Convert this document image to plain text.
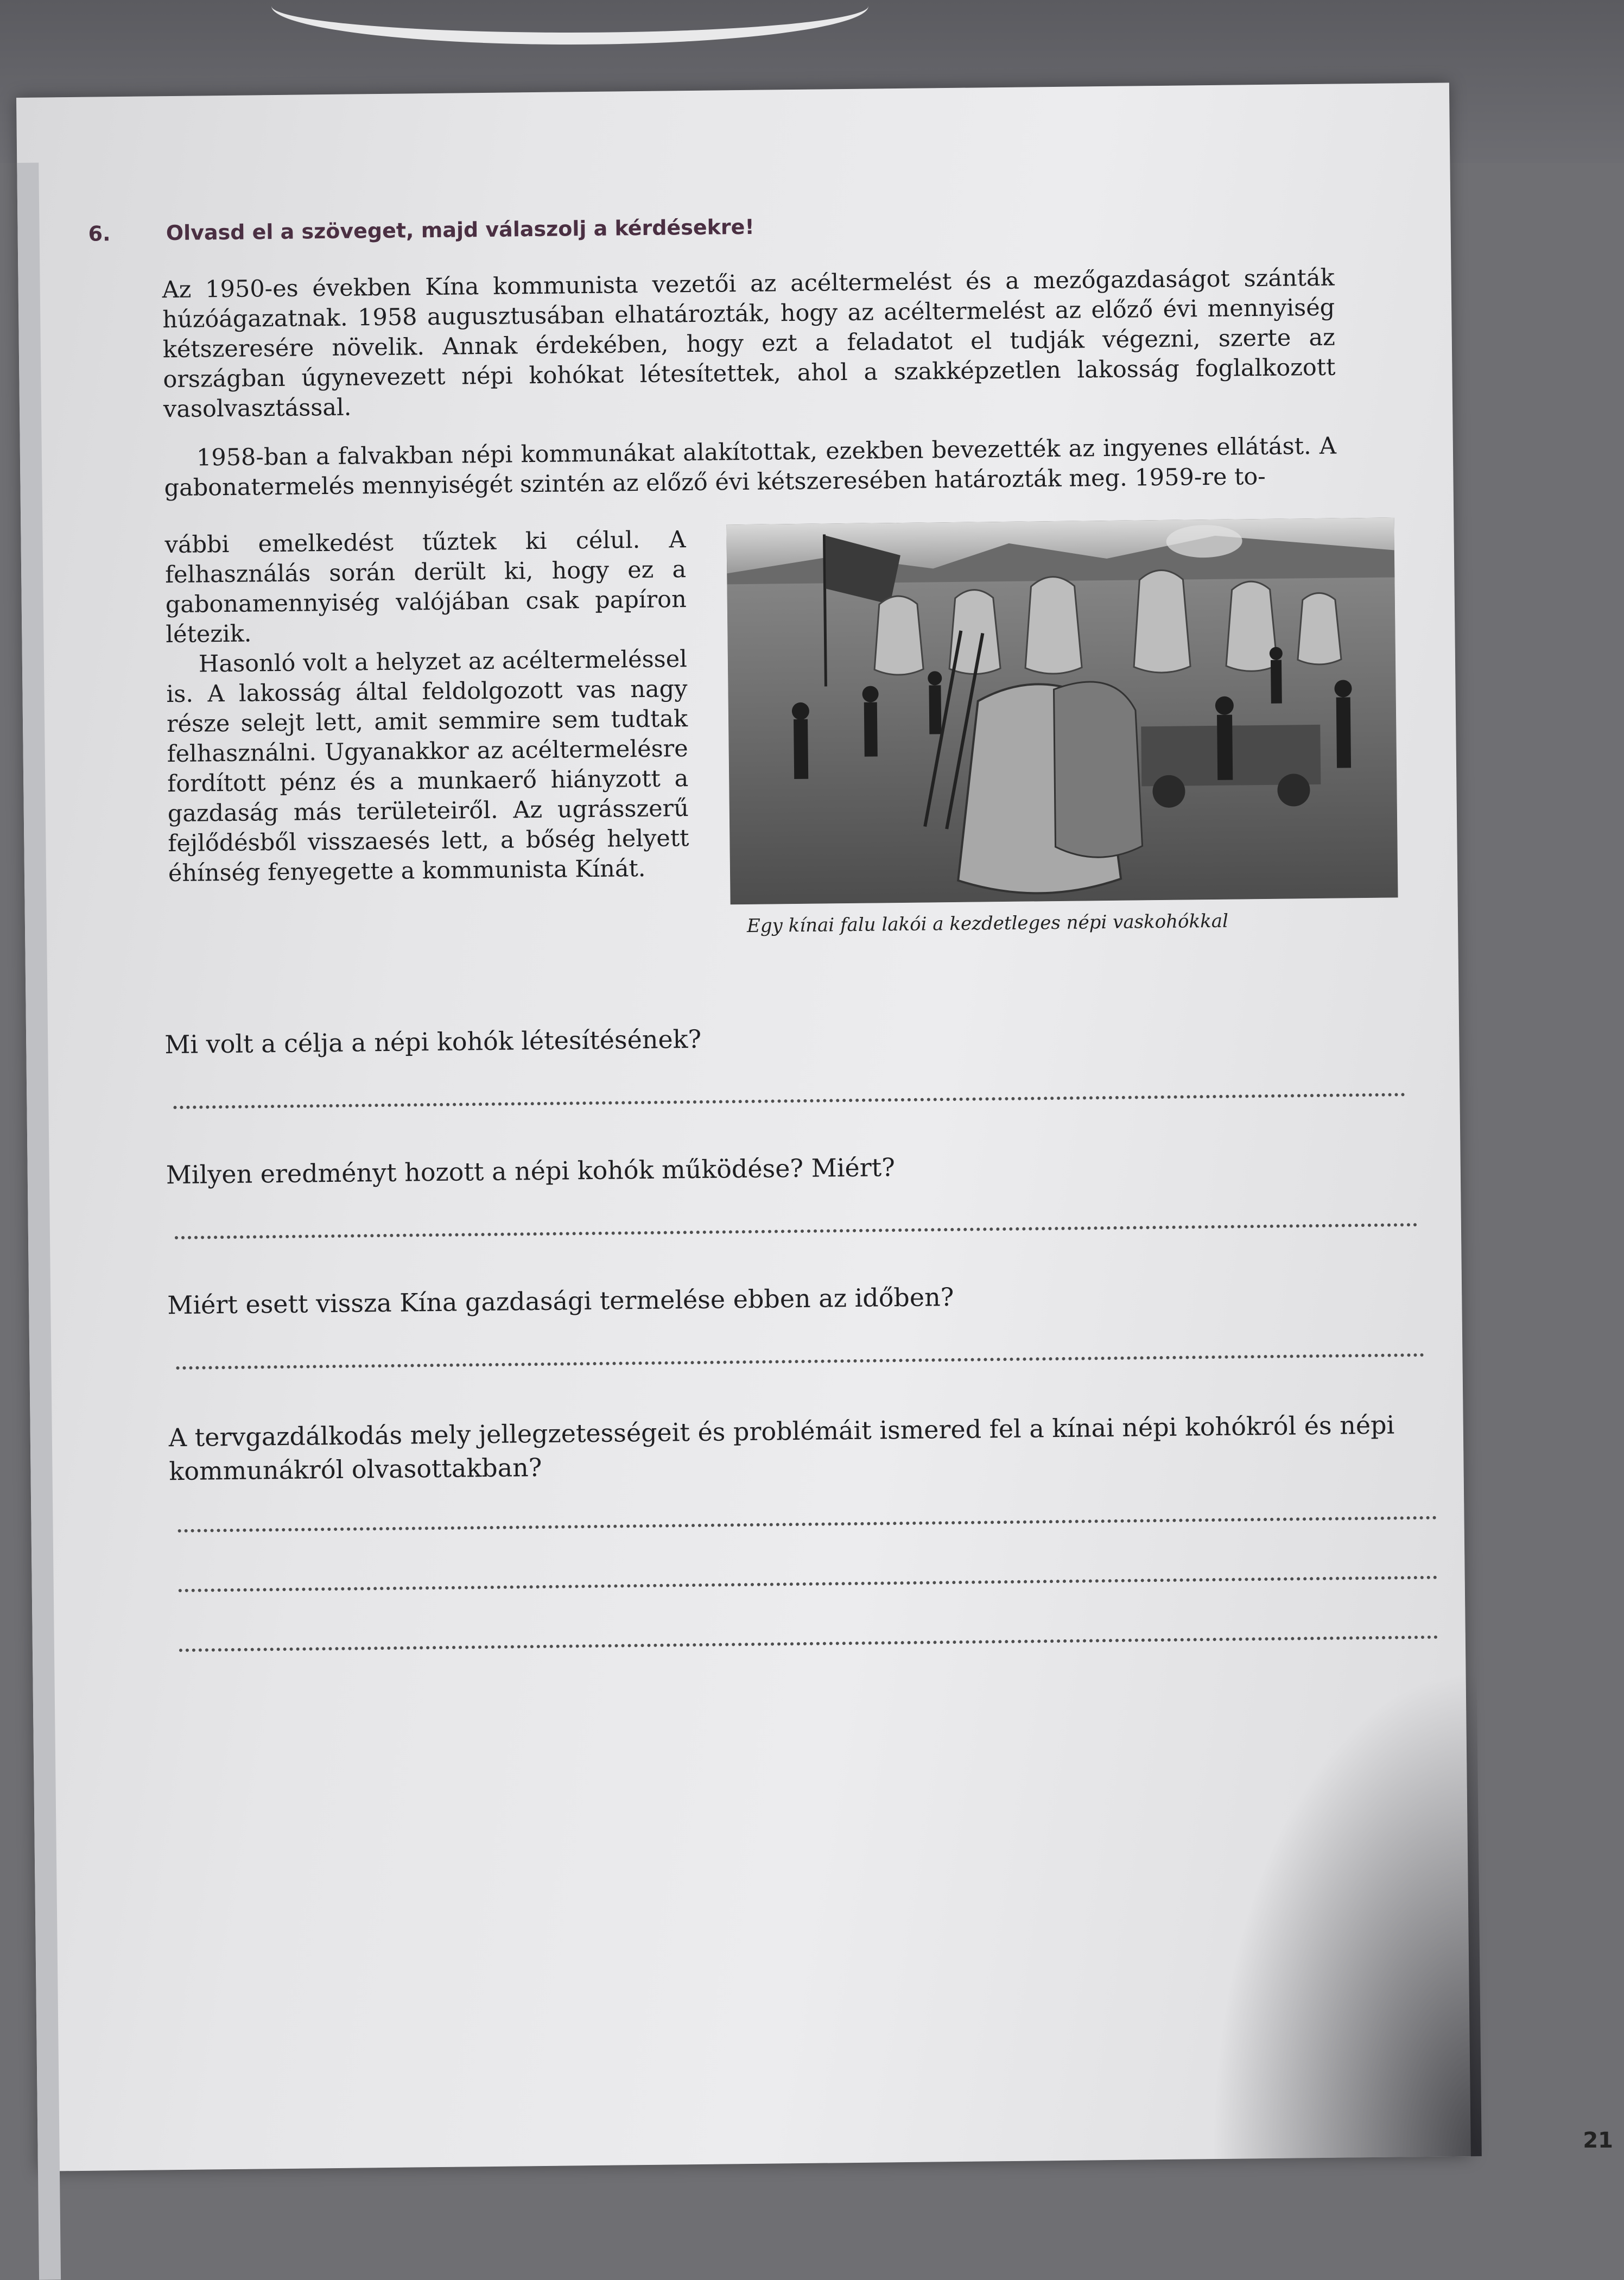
6.	Olvasd el a szöveget, majd válaszolj a kérdésekre!
Az 1950-es években Kína kommunista vezetői az acéltermelést és a mezőgazdaságot szánták húzóágazatnak. 1958 augusztusában elhatározták, hogy az acéltermelést az előző évi mennyiség kétszeresére növelik. Annak érdekében, hogy ezt a feladatot el tudják végezni, szerte az országban úgynevezett népi kohókat létesítettek, ahol a szakképzetlen lakosság foglalkozott vasolvasztással.
1958-ban a falvakban népi kommunákat alakítottak, ezekben bevezették az ingyenes ellátást. A gabonatermelés mennyiségét szintén az előző évi kétszeresében határozták meg. 1959-re to-

vábbi emelkedést tűztek ki célul. A felhasználás során derült ki, hogy ez a gabonamennyiség valójában csak papíron létezik.

Hasonló volt a helyzet az acéltermeléssel is. A lakosság által feldolgozott vas nagy része selejt lett, amit semmire sem tudtak felhasználni. Ugyanakkor az acéltermelésre fordított pénz és a munkaerő hiányzott a gazdaság más területeiről. Az ugrásszerű fejlődésből visszaesés lett, a bőség helyett éhínség fenyegette a kommunista Kínát.

Egy kínai falu lakói a kezdetleges népi vaskohókkal
Mi volt a célja a népi kohók létesítésének?
Milyen eredményt hozott a népi kohók működése? Miért?
Miért esett vissza Kína gazdasági termelése ebben az időben?
A tervgazdálkodás mely jellegzetességeit és problémáit ismered fel a kínai népi kohókról és népi kommunákról olvasottakban?
21
